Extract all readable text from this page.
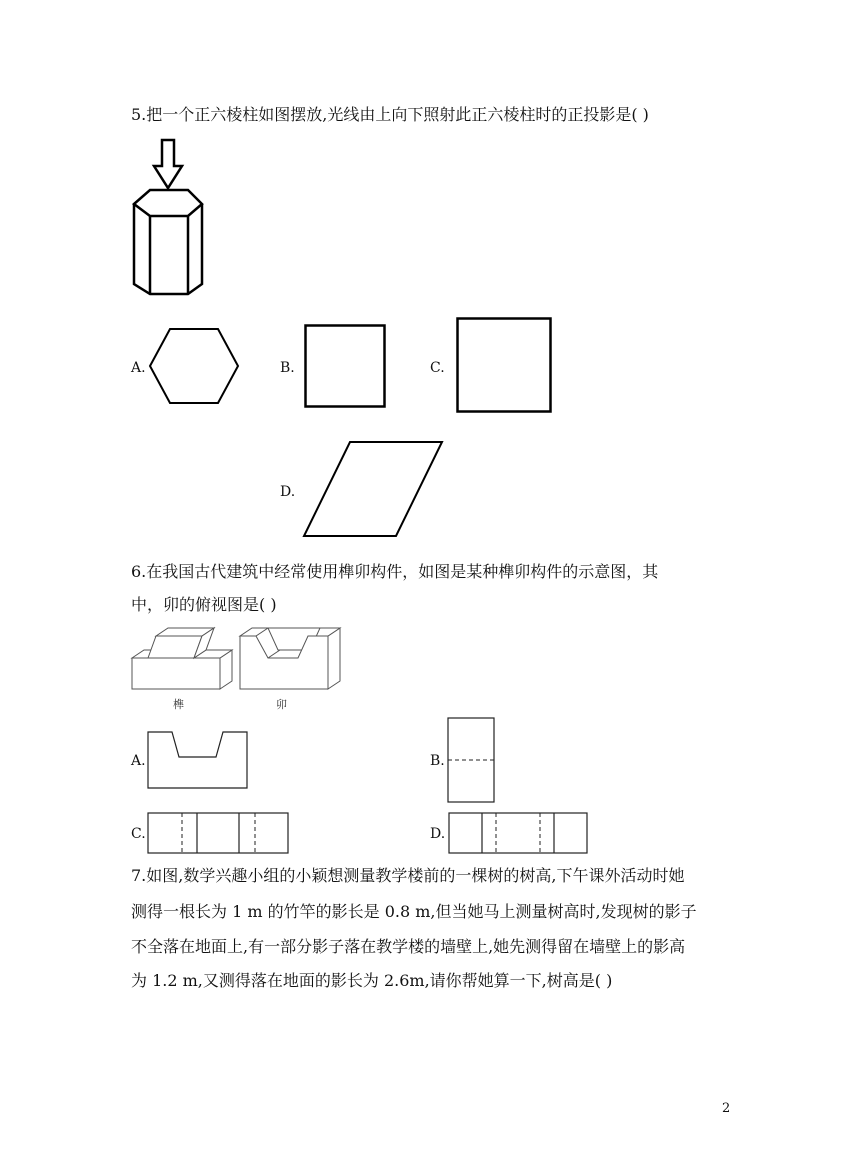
5.把一个正六棱柱如图摆放,光线由上向下照射此正六棱柱时的正投影是( )
A.	B.	C.
D.
6.在我国古代建筑中经常使用榫卯构件，如图是某种榫卯构件的示意图，其
中，卯的俯视图是( )
榫	卯
A.	B.
C.	D.
7.如图,数学兴趣小组的小颖想测量教学楼前的一棵树的树高,下午课外活动时她
测得一根长为 1 m 的竹竿的影长是 0.8 m,但当她马上测量树高时,发现树的影子
不全落在地面上,有一部分影子落在教学楼的墙壁上,她先测得留在墙壁上的影高
为 1.2 m,又测得落在地面的影长为 2.6m,请你帮她算一下,树高是( )
2
